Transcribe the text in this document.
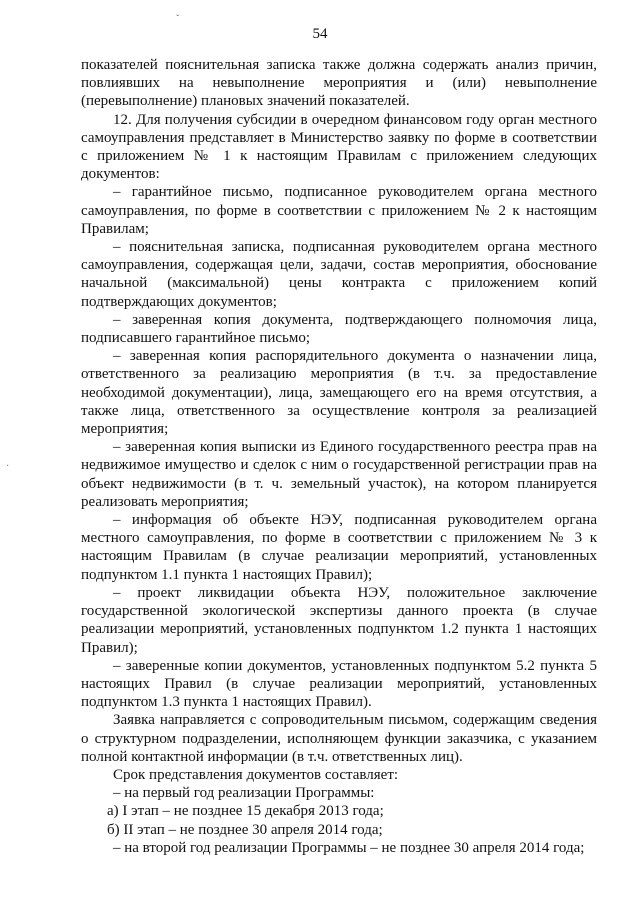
ˇ
·
54

показателей пояснительная записка также должна содержать анализ причин, повлиявших на невыполнение мероприятия и (или) невыполнение (перевыполнение) плановых значений показателей.

12. Для получения субсидии в очередном финансовом году орган местного самоуправления представляет в Министерство заявку по форме в соответствии с приложением № 1 к настоящим Правилам с приложением следующих документов:

– гарантийное письмо, подписанное руководителем органа местного самоуправления, по форме в соответствии с приложением № 2 к настоящим Правилам;

– пояснительная записка, подписанная руководителем органа местного самоуправления, содержащая цели, задачи, состав мероприятия, обоснование начальной (максимальной) цены контракта с приложением копий подтверждающих документов;

– заверенная копия документа, подтверждающего полномочия лица, подписавшего гарантийное письмо;

– заверенная копия распорядительного документа о назначении лица, ответственного за реализацию мероприятия (в т.ч. за предоставление необходимой документации), лица, замещающего его на время отсутствия, а также лица, ответственного за осуществление контроля за реализацией мероприятия;

– заверенная копия выписки из Единого государственного реестра прав на недвижимое имущество и сделок с ним о государственной регистрации прав на объект недвижимости (в т. ч. земельный участок), на котором планируется реализовать мероприятия;

– информация об объекте НЭУ, подписанная руководителем органа местного самоуправления, по форме в соответствии с приложением № 3 к настоящим Правилам (в случае реализации мероприятий, установленных подпунктом 1.1 пункта 1 настоящих Правил);

– проект ликвидации объекта НЭУ, положительное заключение государственной экологической экспертизы данного проекта (в случае реализации мероприятий, установленных подпунктом 1.2 пункта 1 настоящих Правил);

– заверенные копии документов, установленных подпунктом 5.2 пункта 5 настоящих Правил (в случае реализации мероприятий, установленных подпунктом 1.3 пункта 1 настоящих Правил).

Заявка направляется с сопроводительным письмом, содержащим сведения о структурном подразделении, исполняющем функции заказчика, с указанием полной контактной информации (в т.ч. ответственных лиц).

Срок представления документов составляет:

– на первый год реализации Программы:

а) I этап – не позднее 15 декабря 2013 года;

б) II этап – не позднее 30 апреля 2014 года;

– на второй год реализации Программы – не позднее 30 апреля 2014 года;
